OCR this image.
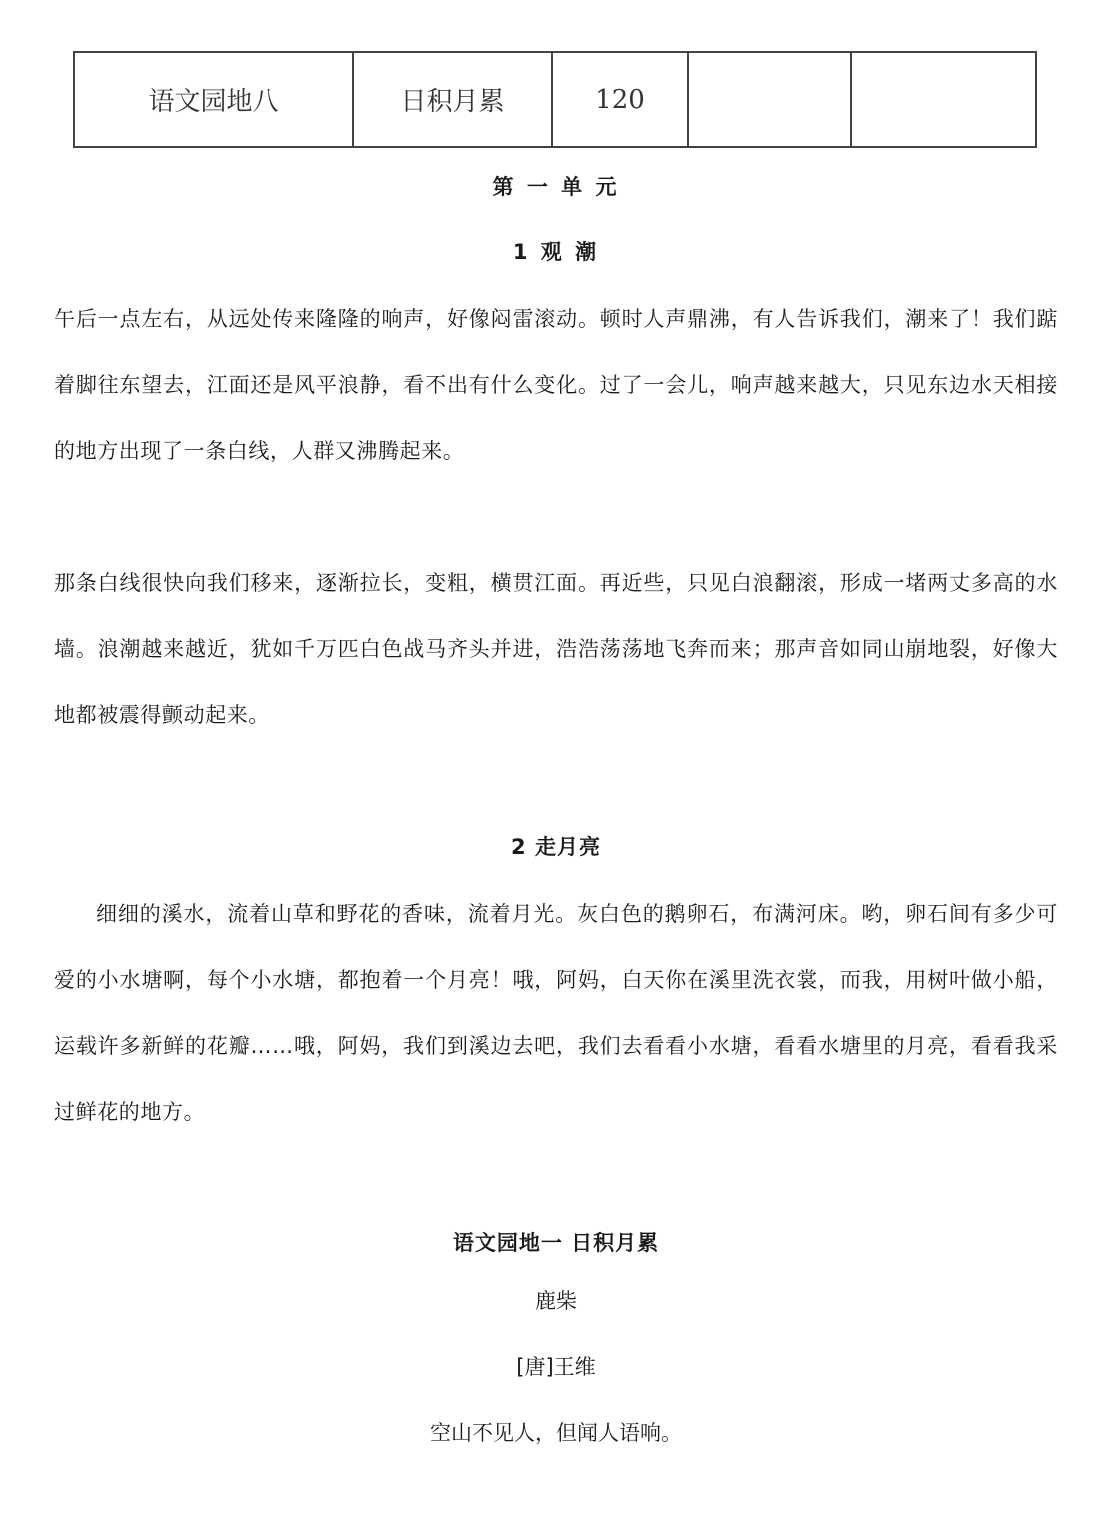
语文园地八	日积月累	120		
第 一 单 元
1 观 潮

午后一点左右，从远处传来隆隆的响声，好像闷雷滚动。顿时人声鼎沸，有人告诉我们，潮来了！我们踮着脚往东望去，江面还是风平浪静，看不出有什么变化。过了一会儿，响声越来越大，只见东边水天相接的地方出现了一条白线，人群又沸腾起来。

那条白线很快向我们移来，逐渐拉长，变粗，横贯江面。再近些，只见白浪翻滚，形成一堵两丈多高的水墙。浪潮越来越近，犹如千万匹白色战马齐头并进，浩浩荡荡地飞奔而来；那声音如同山崩地裂，好像大地都被震得颤动起来。

2 走月亮

细细的溪水，流着山草和野花的香味，流着月光。灰白色的鹅卵石，布满河床。哟，卵石间有多少可爱的小水塘啊，每个小水塘，都抱着一个月亮！哦，阿妈，白天你在溪里洗衣裳，而我，用树叶做小船，运载许多新鲜的花瓣……哦，阿妈，我们到溪边去吧，我们去看看小水塘，看看水塘里的月亮，看看我采过鲜花的地方。

语文园地一 日积月累
鹿柴
[唐]王维
空山不见人，但闻人语响。
